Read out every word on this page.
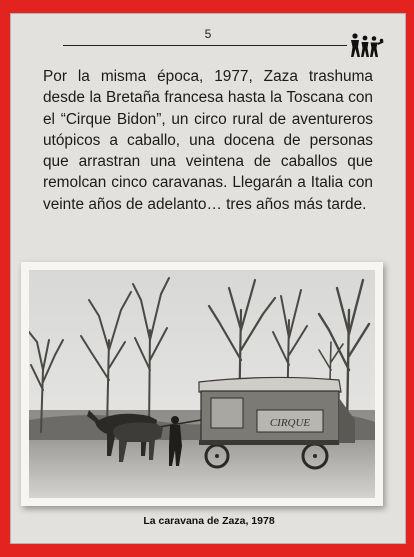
5
Por la misma época, 1977, Zaza trashuma desde la Bretaña francesa hasta la Toscana con el “Cirque Bidon”, un circo rural de aventureros utópicos a caballo, una docena de personas que arrastran una veintena de caballos que remolcan cinco caravanas. Llegarán a Italia con veinte años de adelanto… tres años más tarde.
CIRQUE
La caravana de Zaza, 1978
